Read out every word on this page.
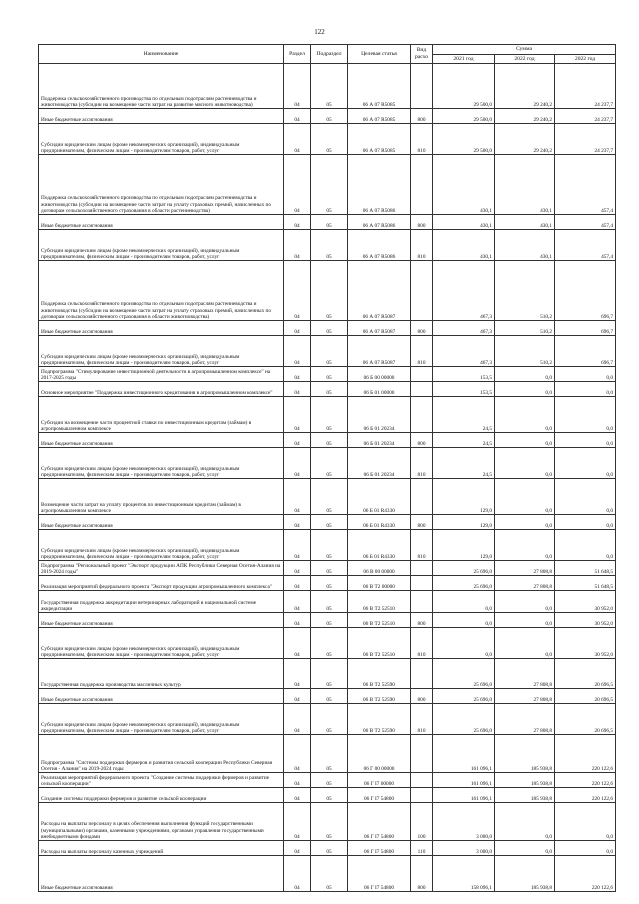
122
Наименование	Раздел	Подраздел	Целевая статья	Вид расхо	Сумма		
					2021 год	2022 год	2022 год
Поддержка сельскохозяйственного производства по отдельным подотраслям растениеводства и животноводства (субсидии на возмещение части затрат на развитие мясного животноводства)	04	05	06 А 07 R5085		29 500,0	29 240,2	24 237,7
Иные бюджетные ассигнования	04	05	06 А 07 R5085	800	29 500,0	29 240,2	24 237,7
Субсидии юридическим лицам (кроме некоммерческих организаций), индивидуальным предпринимателям, физическим лицам - производителям товаров, работ, услуг	04	05	06 А 07 R5085	810	29 500,0	29 240,2	24 237,7
Поддержка сельскохозяйственного производства по отдельным подотраслям растениеводства и животноводства (субсидии на возмещение части затрат на уплату страховых премий, начисленных по договорам сельскохозяйственного страхования в области растениеводства)	04	05	06 А 07 R5086		430,1	430,1	457,4
Иные бюджетные ассигнования	04	05	06 А 07 R5086	800	430,1	430,1	457,4
Субсидии юридическим лицам (кроме некоммерческих организаций), индивидуальным предпринимателям, физическим лицам - производителям товаров, работ, услуг	04	05	06 А 07 R5086	810	430,1	430,1	457,4
Поддержка сельскохозяйственного производства по отдельным подотраслям растениеводства и животноводства (субсидии на возмещение части затрат на уплату страховых премий, начисленных по договорам сельскохозяйственного страхования в области животноводства)	04	05	06 А 07 R5087		467,3	510,2	696,7
Иные бюджетные ассигнования	04	05	06 А 07 R5087	800	467,3	510,2	696,7
Субсидии юридическим лицам (кроме некоммерческих организаций), индивидуальным предпринимателям, физическим лицам - производителям товаров, работ, услуг	04	05	06 А 07 R5087	810	467,3	510,2	696,7
Подпрограмма "Стимулирование инвестиционной деятельности в агропромышленном комплексе" на 2017-2025 годы	04	05	06 Б 00 00000		153,5	0,0	0,0
Основное мероприятие "Поддержка инвестиционного кредитования в агропромышленном комплексе"	04	05	06 Б 01 00000		153,5	0,0	0,0
Субсидии на возмещение части процентной ставки по инвестиционным кредитам (займам) в агропромышленном комплексе	04	05	06 Б 01 20234		24,5	0,0	0,0
Иные бюджетные ассигнования	04	05	06 Б 01 20234	800	24,5	0,0	0,0
Субсидии юридическим лицам (кроме некоммерческих организаций), индивидуальным предпринимателям, физическим лицам - производителям товаров, работ, услуг	04	05	06 Б 01 20234	810	24,5	0,0	0,0
Возмещение части затрат на уплату процентов по инвестиционным кредитам (займам) в агропромышленном комплексе	04	05	06 Б 01 R4330		129,0	0,0	0,0
Иные бюджетные ассигнования	04	05	06 Б 01 R4330	800	129,0	0,0	0,0
Субсидии юридическим лицам (кроме некоммерческих организаций), индивидуальным предпринимателям, физическим лицам - производителям товаров, работ, услуг	04	05	06 Б 01 R4330	810	129,0	0,0	0,0
Подпрограмма "Региональный проект "Экспорт продукции АПК Республики Северная Осетия-Алания на 2019-2024 годы"	04	05	06 В 00 00000		25 696,0	27 808,8	51 648,5
Реализация мероприятий федерального проекта "Экспорт продукции агропромышленного комплекса"	04	05	06 В Т2 00000		25 696,0	27 808,8	51 648,5
Государственная поддержка аккредитации ветеринарных лабораторий в национальной системе аккредитации	04	05	06 В Т2 52510		0,0	0,0	30 952,0
Иные бюджетные ассигнования	04	05	06 В Т2 52510	800	0,0	0,0	30 952,0
Субсидии юридическим лицам (кроме некоммерческих организаций), индивидуальным предпринимателям, физическим лицам - производителям товаров, работ, услуг	04	05	06 В Т2 52510	810	0,0	0,0	30 952,0
Государственная поддержка производства масличных культур	04	05	06 В Т2 52590		25 696,0	27 808,8	20 696,5
Иные бюджетные ассигнования	04	05	06 В Т2 52590	800	25 696,0	27 808,8	20 696,5
Субсидии юридическим лицам (кроме некоммерческих организаций), индивидуальным предпринимателям, физическим лицам - производителям товаров, работ, услуг	04	05	06 В Т2 52590	810	25 696,0	27 808,8	20 696,5
Подпрограмма "Системы поддержки фермеров и развития сельской кооперации Республики Северная Осетия - Алания" на 2019-2024 годы	04	05	06 Г 00 00000		161 096,1	185 938,8	220 122,6
Реализация мероприятий федерального проекта "Создание системы поддержки фермеров и развитие сельской кооперации"	04	05	06 Г I7 00000		161 096,1	185 938,8	220 122,6
Создание системы поддержки фермеров и развитие сельской кооперации	04	05	06 Г I7 54800		161 096,1	185 938,8	220 122,6
Расходы на выплаты персоналу в целях обеспечения выполнения функций государственными (муниципальными) органами, казенными учреждениями, органами управления государственными внебюджетными фондами	04	05	06 Г I7 54800	100	3 000,0	0,0	0,0
Расходы на выплаты персоналу казенных учреждений	04	05	06 Г I7 54800	110	3 000,0	0,0	0,0
Иные бюджетные ассигнования	04	05	06 Г I7 54800	800	158 096,1	185 938,8	220 122,6
